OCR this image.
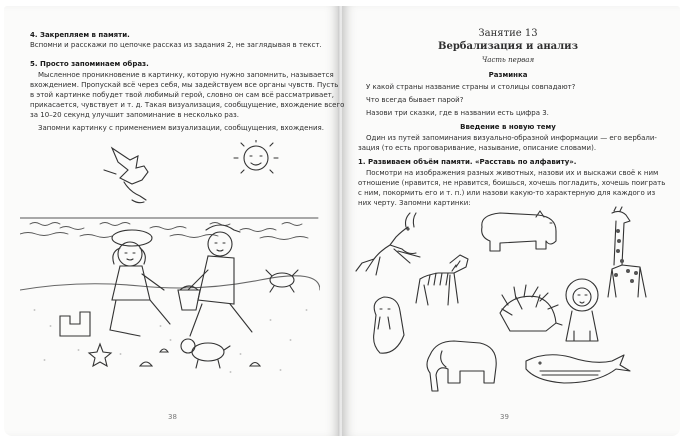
4. Закрепляем в памяти.
Вспомни и расскажи по цепочке рассказ из задания 2, не заглядывая в текст.
5. Просто запоминаем образ.
Мысленное проникновение в картинку, которую нужно запомнить, называется
вхождением. Пропускай всё через себя, мы задействуем все органы чувств. Пусть
в этой картинке побудет твой любимый герой, словно он сам всё рассматривает,
прикасается, чувствует и т. д. Такая визуализация, сообщущение, вхождение всего
за 10–20 секунд улучшит запоминание в несколько раз.
Запомни картинку с применением визуализации, сообщущения, вхождения.
38
Занятие 13
Вербализация и анализ
Часть первая
Разминка
У какой страны название страны и столицы совпадают?
Что всегда бывает парой?
Назови три сказки, где в названии есть цифра 3.
Введение в новую тему
Один из путей запоминания визуально-образной информации — его вербали-
зация (то есть проговаривание, называние, описание словами).
1. Развиваем объём памяти. «Расставь по алфавиту».
Посмотри на изображения разных животных, назови их и выскажи своё к ним
отношение (нравится, не нравится, боишься, хочешь погладить, хочешь поиграть
с ним, покормить его и т. п.) или назови какую-то характерную для каждого из
них черту. Запомни картинки:
39
